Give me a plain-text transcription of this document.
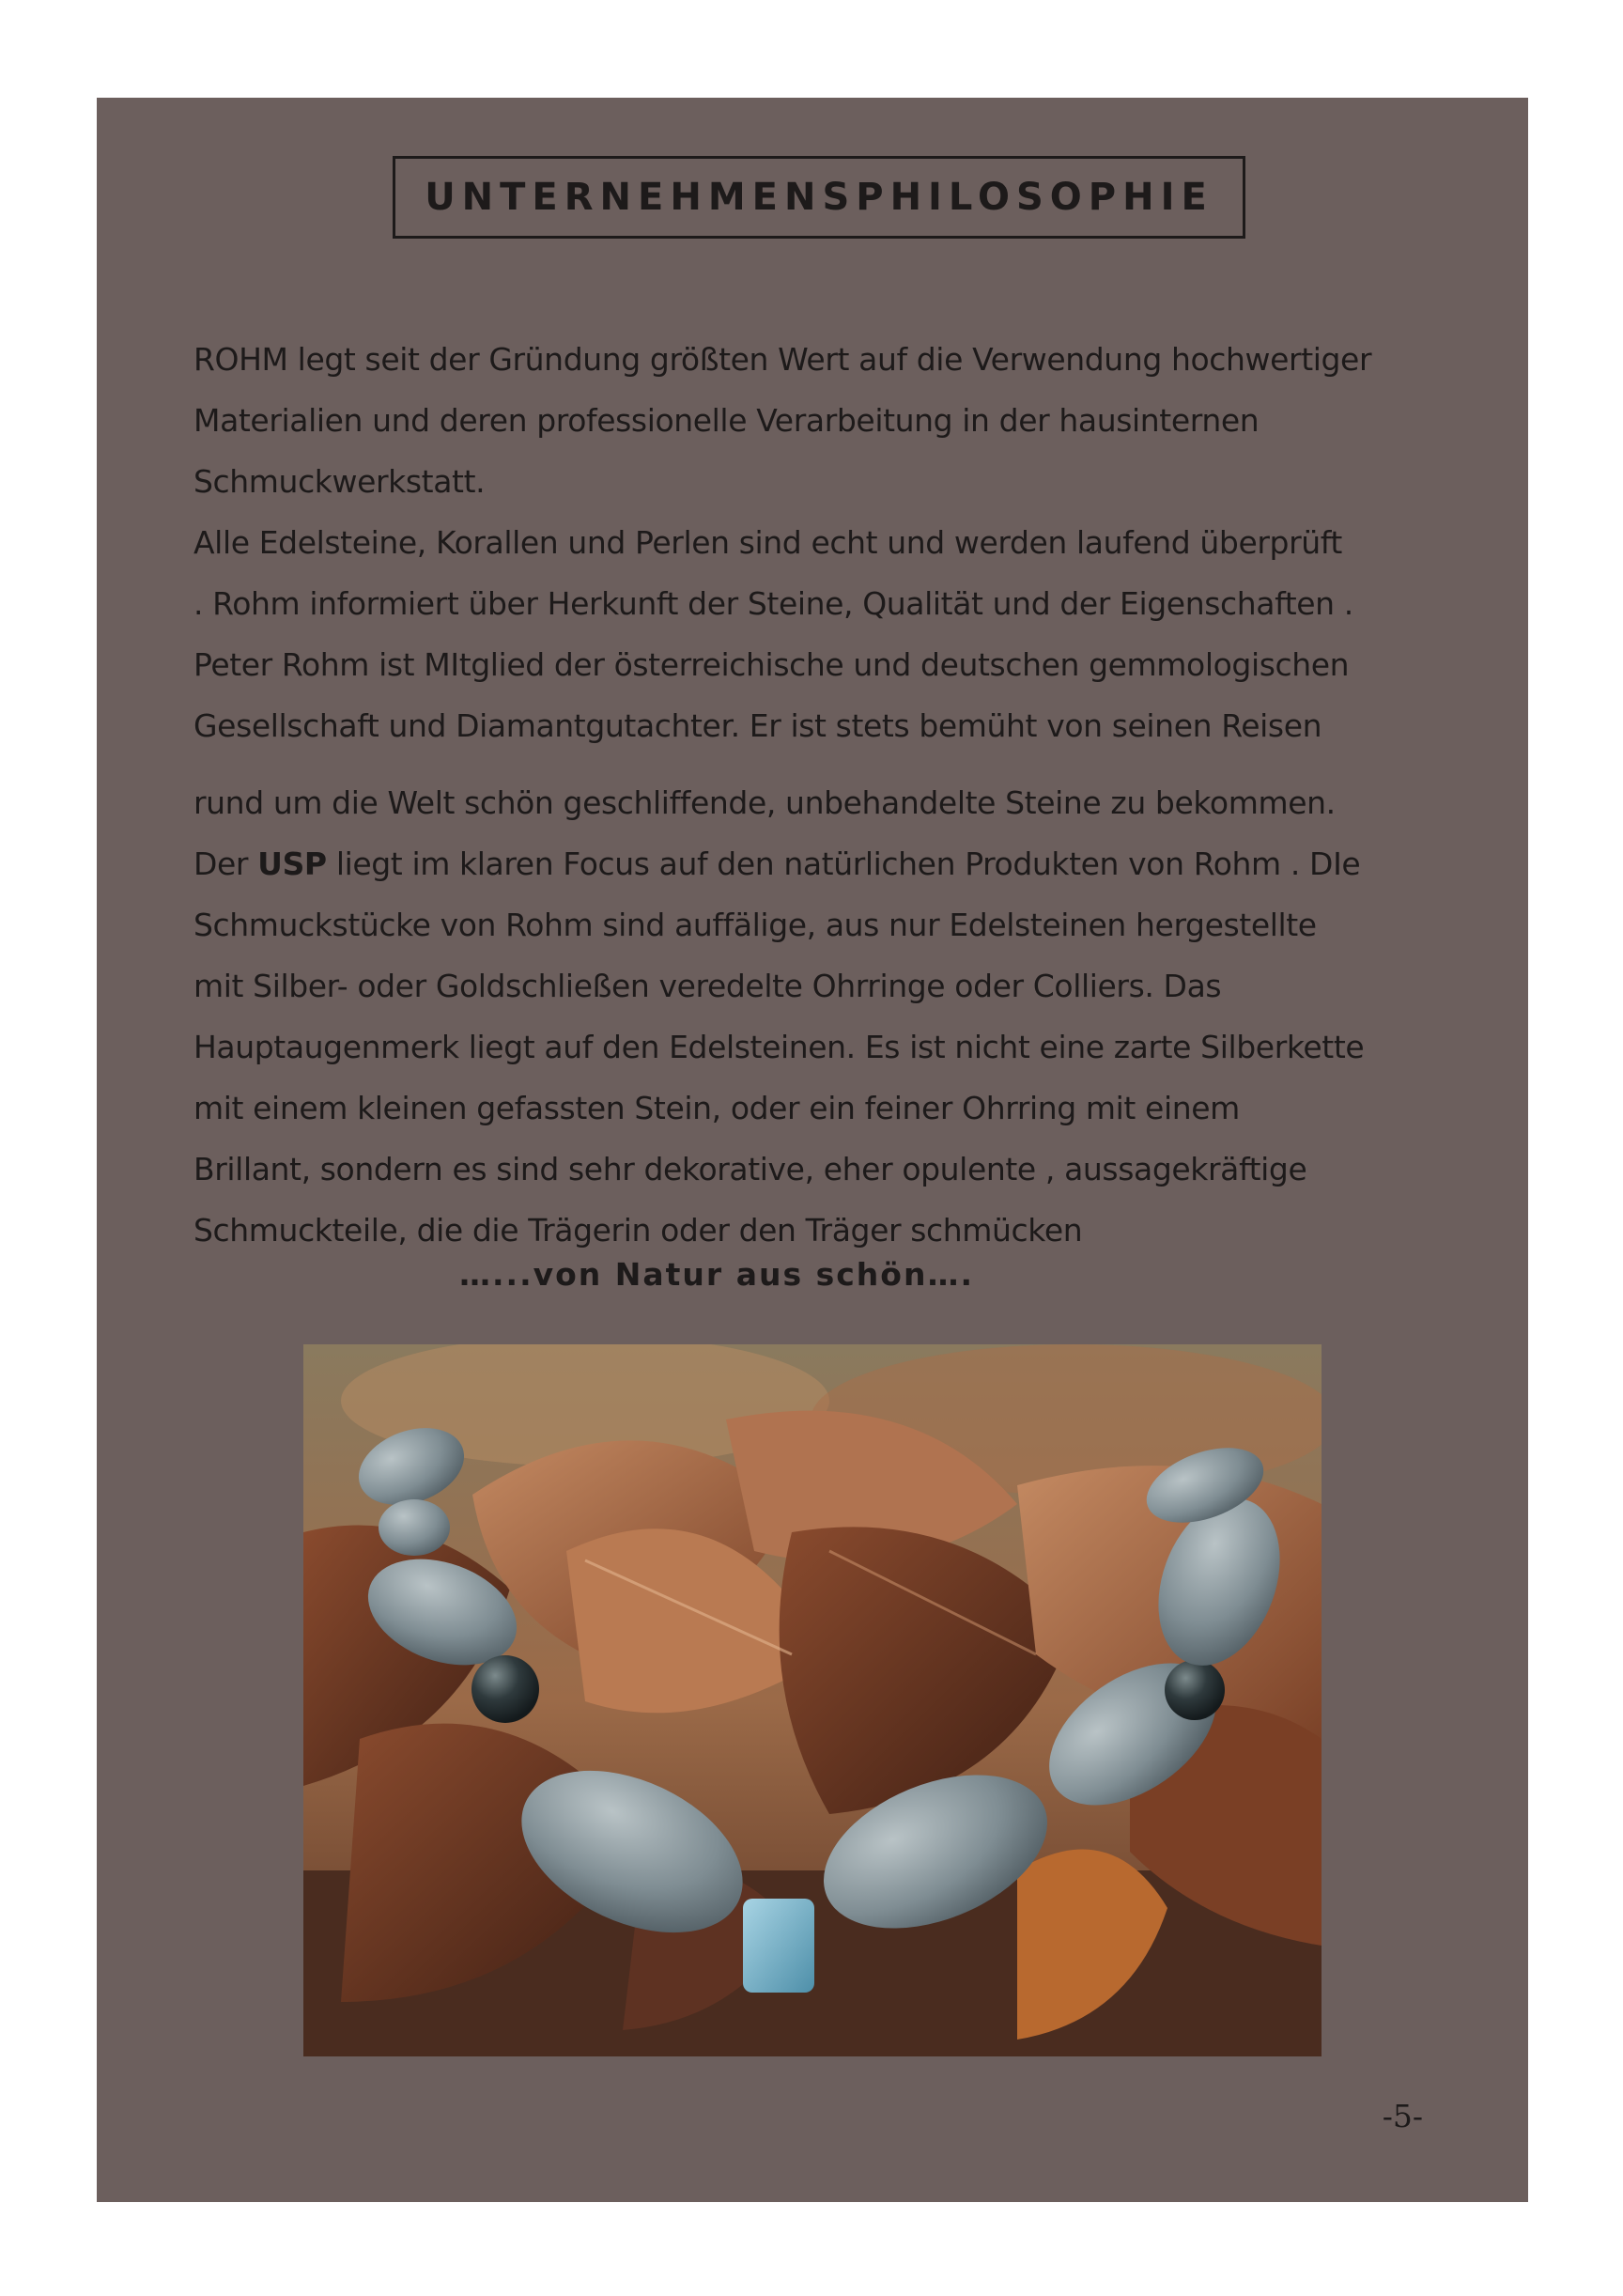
UNTERNEHMENSPHILOSOPHIE
ROHM legt seit der Gründung größten Wert auf die Verwendung hochwertiger
Materialien und deren professionelle Verarbeitung in der hausinternen
Schmuckwerkstatt.
Alle Edelsteine, Korallen und Perlen sind echt und werden laufend überprüft
. Rohm informiert über Herkunft der Steine, Qualität und der Eigenschaften .
Peter Rohm ist MItglied der österreichische und deutschen gemmologischen
Gesellschaft und Diamantgutachter. Er ist stets bemüht von seinen Reisen
rund um die Welt schön geschliffende, unbehandelte Steine zu bekommen.
Der USP liegt im klaren Focus auf den natürlichen Produkten von Rohm . DIe
Schmuckstücke von Rohm sind auffälige, aus nur Edelsteinen hergestellte
mit Silber- oder Goldschließen veredelte Ohrringe oder Colliers. Das
Hauptaugenmerk liegt auf den Edelsteinen. Es ist nicht eine zarte Silberkette
mit einem kleinen gefassten Stein, oder ein feiner Ohrring mit einem
Brillant, sondern es sind sehr dekorative, eher opulente , aussagekräftige
Schmuckteile, die die Trägerin oder den Träger schmücken
…...von Natur aus schön….
-5-
